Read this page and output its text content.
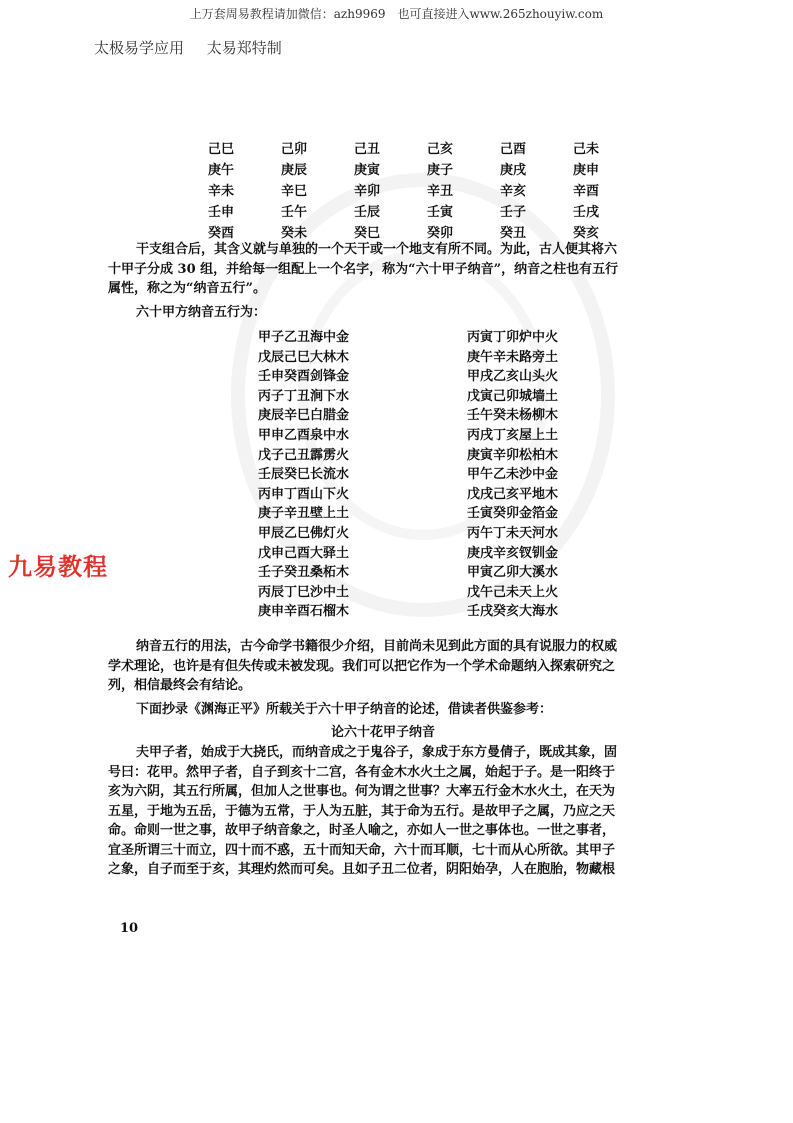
上万套周易教程请加微信：azh9969　也可直接进入www.265zhouyiw.com
太极易学应用 太易郑特制
己巳	己卯	己丑	己亥	己酉	己未
庚午	庚辰	庚寅	庚子	庚戌	庚申
辛未	辛巳	辛卯	辛丑	辛亥	辛酉
壬申	壬午	壬辰	壬寅	壬子	壬戌
癸酉	癸未	癸巳	癸卯	癸丑	癸亥
干支组合后，其含义就与单独的一个天干或一个地支有所不同。为此，古人便其将六
十甲子分成 30 组，并给每一组配上一个名字，称为“六十甲子纳音”，纳音之柱也有五行
属性，称之为“纳音五行”。
六十甲方纳音五行为：
甲子乙丑海中金	丙寅丁卯炉中火
戊辰己巳大林木	庚午辛未路旁土
壬申癸酉剑锋金	甲戌乙亥山头火
丙子丁丑涧下水	戊寅己卯城墙土
庚辰辛巳白腊金	壬午癸未杨柳木
甲申乙酉泉中水	丙戌丁亥屋上土
戊子己丑霹雳火	庚寅辛卯松柏木
壬辰癸巳长流水	甲午乙未沙中金
丙申丁酉山下火	戊戌己亥平地木
庚子辛丑壁上土	壬寅癸卯金箔金
甲辰乙巳佛灯火	丙午丁未天河水
戊申己酉大驿土	庚戌辛亥钗钏金
壬子癸丑桑柘木	甲寅乙卯大溪水
丙辰丁巳沙中土	戊午己未天上火
庚申辛酉石榴木	壬戌癸亥大海水
九易教程
纳音五行的用法，古今命学书籍很少介绍，目前尚未见到此方面的具有说服力的权威
学术理论，也许是有但失传或未被发现。我们可以把它作为一个学术命题纳入探索研究之
列，相信最终会有结论。
下面抄录《渊海正平》所载关于六十甲子纳音的论述，借读者供鉴参考：
论六十花甲子纳音
夫甲子者，始成于大挠氏，而纳音成之于鬼谷子，象成于东方曼倩子，既成其象，固
号曰：花甲。然甲子者，自子到亥十二宫，各有金木水火土之属，始起于子。是一阳终于
亥为六阴，其五行所属，但加人之世事也。何为谓之世事？大率五行金木水火土，在天为
五星，于地为五岳，于德为五常，于人为五脏，其于命为五行。是故甲子之属，乃应之天
命。命则一世之事，故甲子纳音象之，时圣人喻之，亦如人一世之事体也。一世之事者，
宜圣所谓三十而立，四十而不惑，五十而知天命，六十而耳顺，七十而从心所欲。其甲子
之象，自子而至于亥，其理灼然而可矣。且如子丑二位者，阴阳始孕，人在胞胎，物藏根
10
